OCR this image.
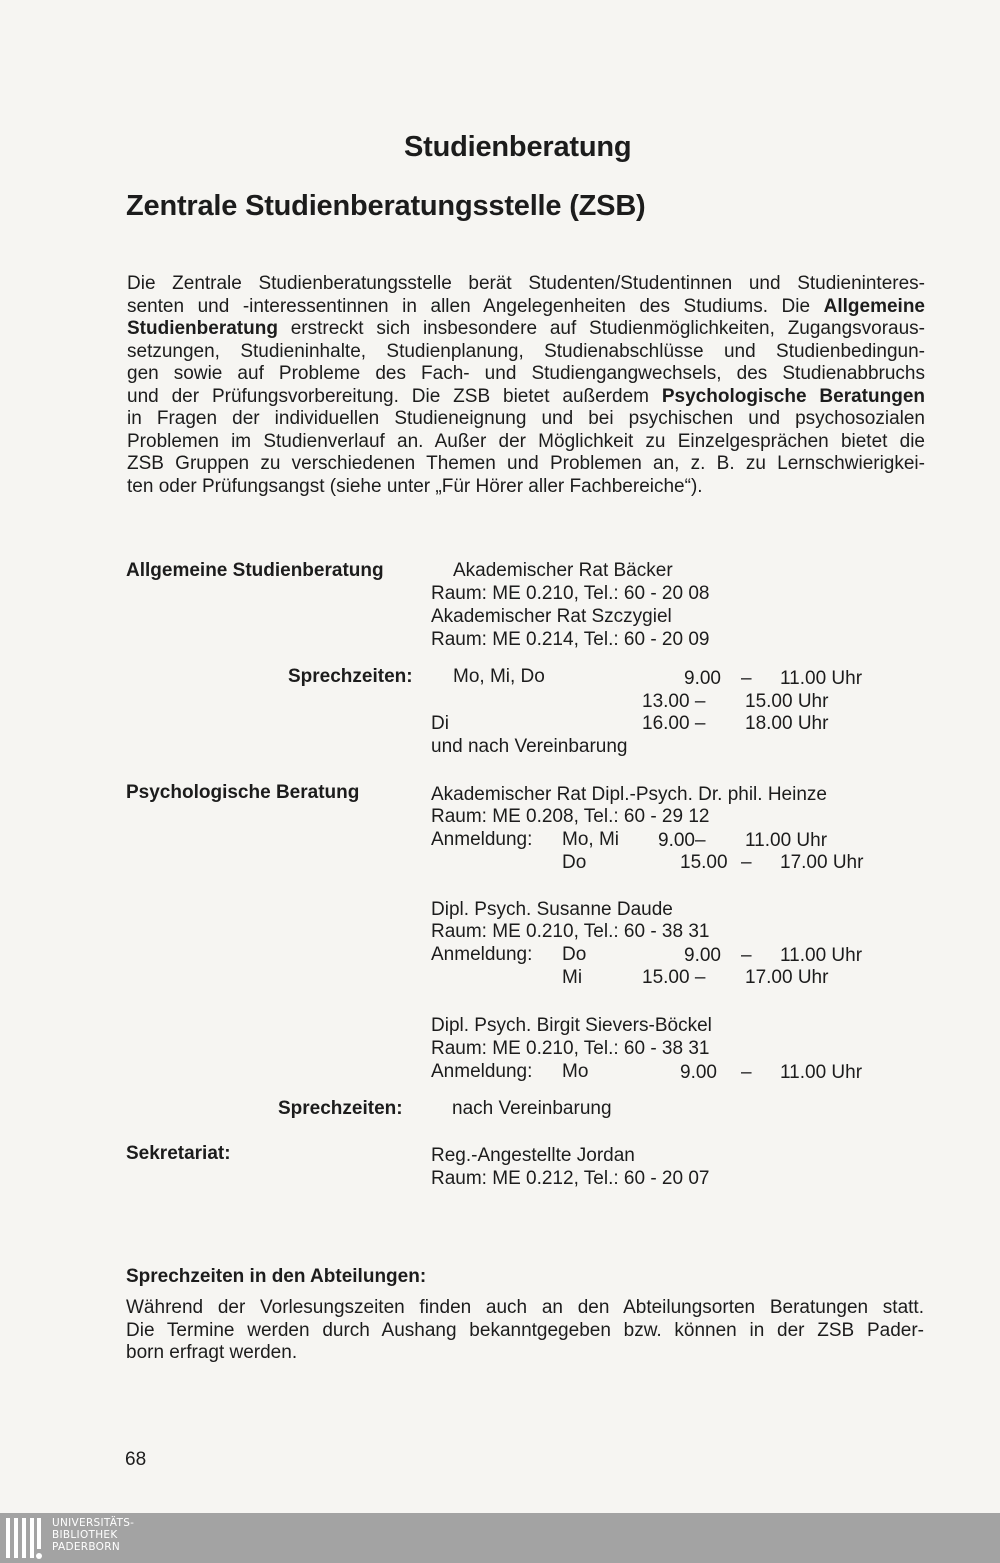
Studienberatung
Zentrale Studienberatungsstelle (ZSB)
Die Zentrale Studienberatungsstelle berät Studenten/Studentinnen und Studieninteres-
senten und -interessentinnen in allen Angelegenheiten des Studiums. Die Allgemeine
Studienberatung erstreckt sich insbesondere auf Studienmöglichkeiten, Zugangsvoraus-
setzungen, Studieninhalte, Studienplanung, Studienabschlüsse und Studienbedingun-
gen sowie auf Probleme des Fach- und Studiengangwechsels, des Studienabbruchs
und der Prüfungsvorbereitung. Die ZSB bietet außerdem Psychologische Beratungen
in Fragen der individuellen Studieneignung und bei psychischen und psychosozialen
Problemen im Studienverlauf an. Außer der Möglichkeit zu Einzelgesprächen bietet die
ZSB Gruppen zu verschiedenen Themen und Problemen an, z. B. zu Lernschwierigkei-
ten oder Prüfungsangst (siehe unter „Für Hörer aller Fachbereiche“).
Allgemeine Studienberatung	Akademischer Rat Bäcker
Raum: ME 0.210, Tel.: 60 - 20 08
Akademischer Rat Szczygiel
Raum: ME 0.214, Tel.: 60 - 20 09
Sprechzeiten: Mo, Mi, Do	9.00 – 11.00 Uhr
13.00 – 15.00 Uhr
Di	16.00 – 18.00 Uhr
und nach Vereinbarung
Psychologische Beratung	Akademischer Rat Dipl.-Psych. Dr. phil. Heinze
Raum: ME 0.208, Tel.: 60 - 29 12
Anmeldung: Mo, Mi 9.00– 11.00 Uhr
Do	15.00 – 17.00 Uhr
Dipl. Psych. Susanne Daude
Raum: ME 0.210, Tel.: 60 - 38 31
Anmeldung: Do	9.00 – 11.00 Uhr
Mi	15.00 – 17.00 Uhr
Dipl. Psych. Birgit Sievers-Böckel
Raum: ME 0.210, Tel.: 60 - 38 31
Anmeldung: Mo	9.00 – 11.00 Uhr
Sprechzeiten:	nach Vereinbarung
Sekretariat:	Reg.-Angestellte Jordan
Raum: ME 0.212, Tel.: 60 - 20 07
Sprechzeiten in den Abteilungen:
Während der Vorlesungszeiten finden auch an den Abteilungsorten Beratungen statt.
Die Termine werden durch Aushang bekanntgegeben bzw. können in der ZSB Pader-
born erfragt werden.
68
UNIVERSITÄTS-
BIBLIOTHEK
PADERBORN
